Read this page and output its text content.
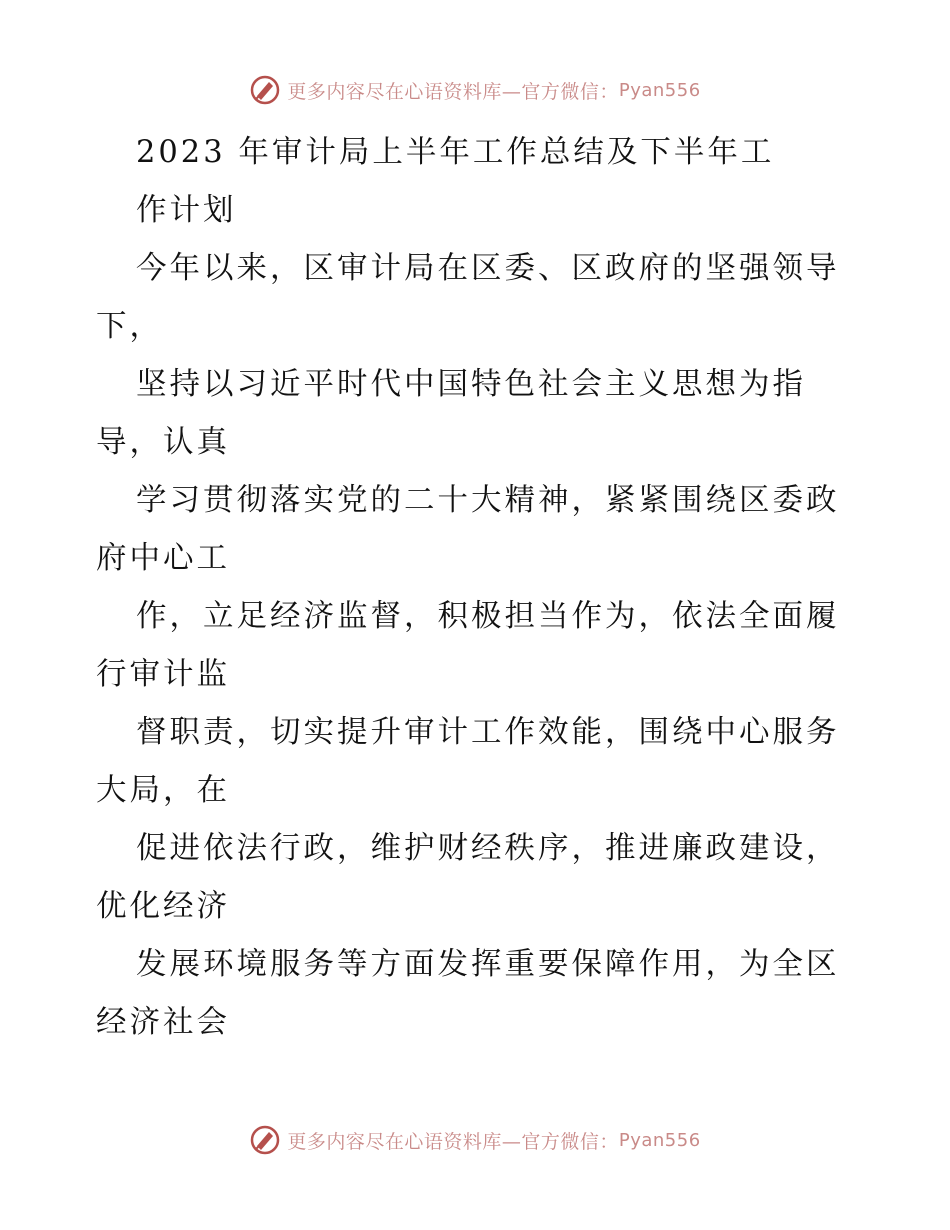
更多内容尽在心语资料库—官方微信： Pyan556
2023 年审计局上半年工作总结及下半年工
作计划
今年以来，区审计局在区委、区政府的坚强领导
下，
坚持以习近平时代中国特色社会主义思想为指
导，认真
学习贯彻落实党的二十大精神，紧紧围绕区委政
府中心工
作，立足经济监督，积极担当作为，依法全面履
行审计监
督职责，切实提升审计工作效能，围绕中心服务
大局，在
促进依法行政，维护财经秩序，推进廉政建设，
优化经济
发展环境服务等方面发挥重要保障作用，为全区
经济社会
更多内容尽在心语资料库—官方微信： Pyan556
